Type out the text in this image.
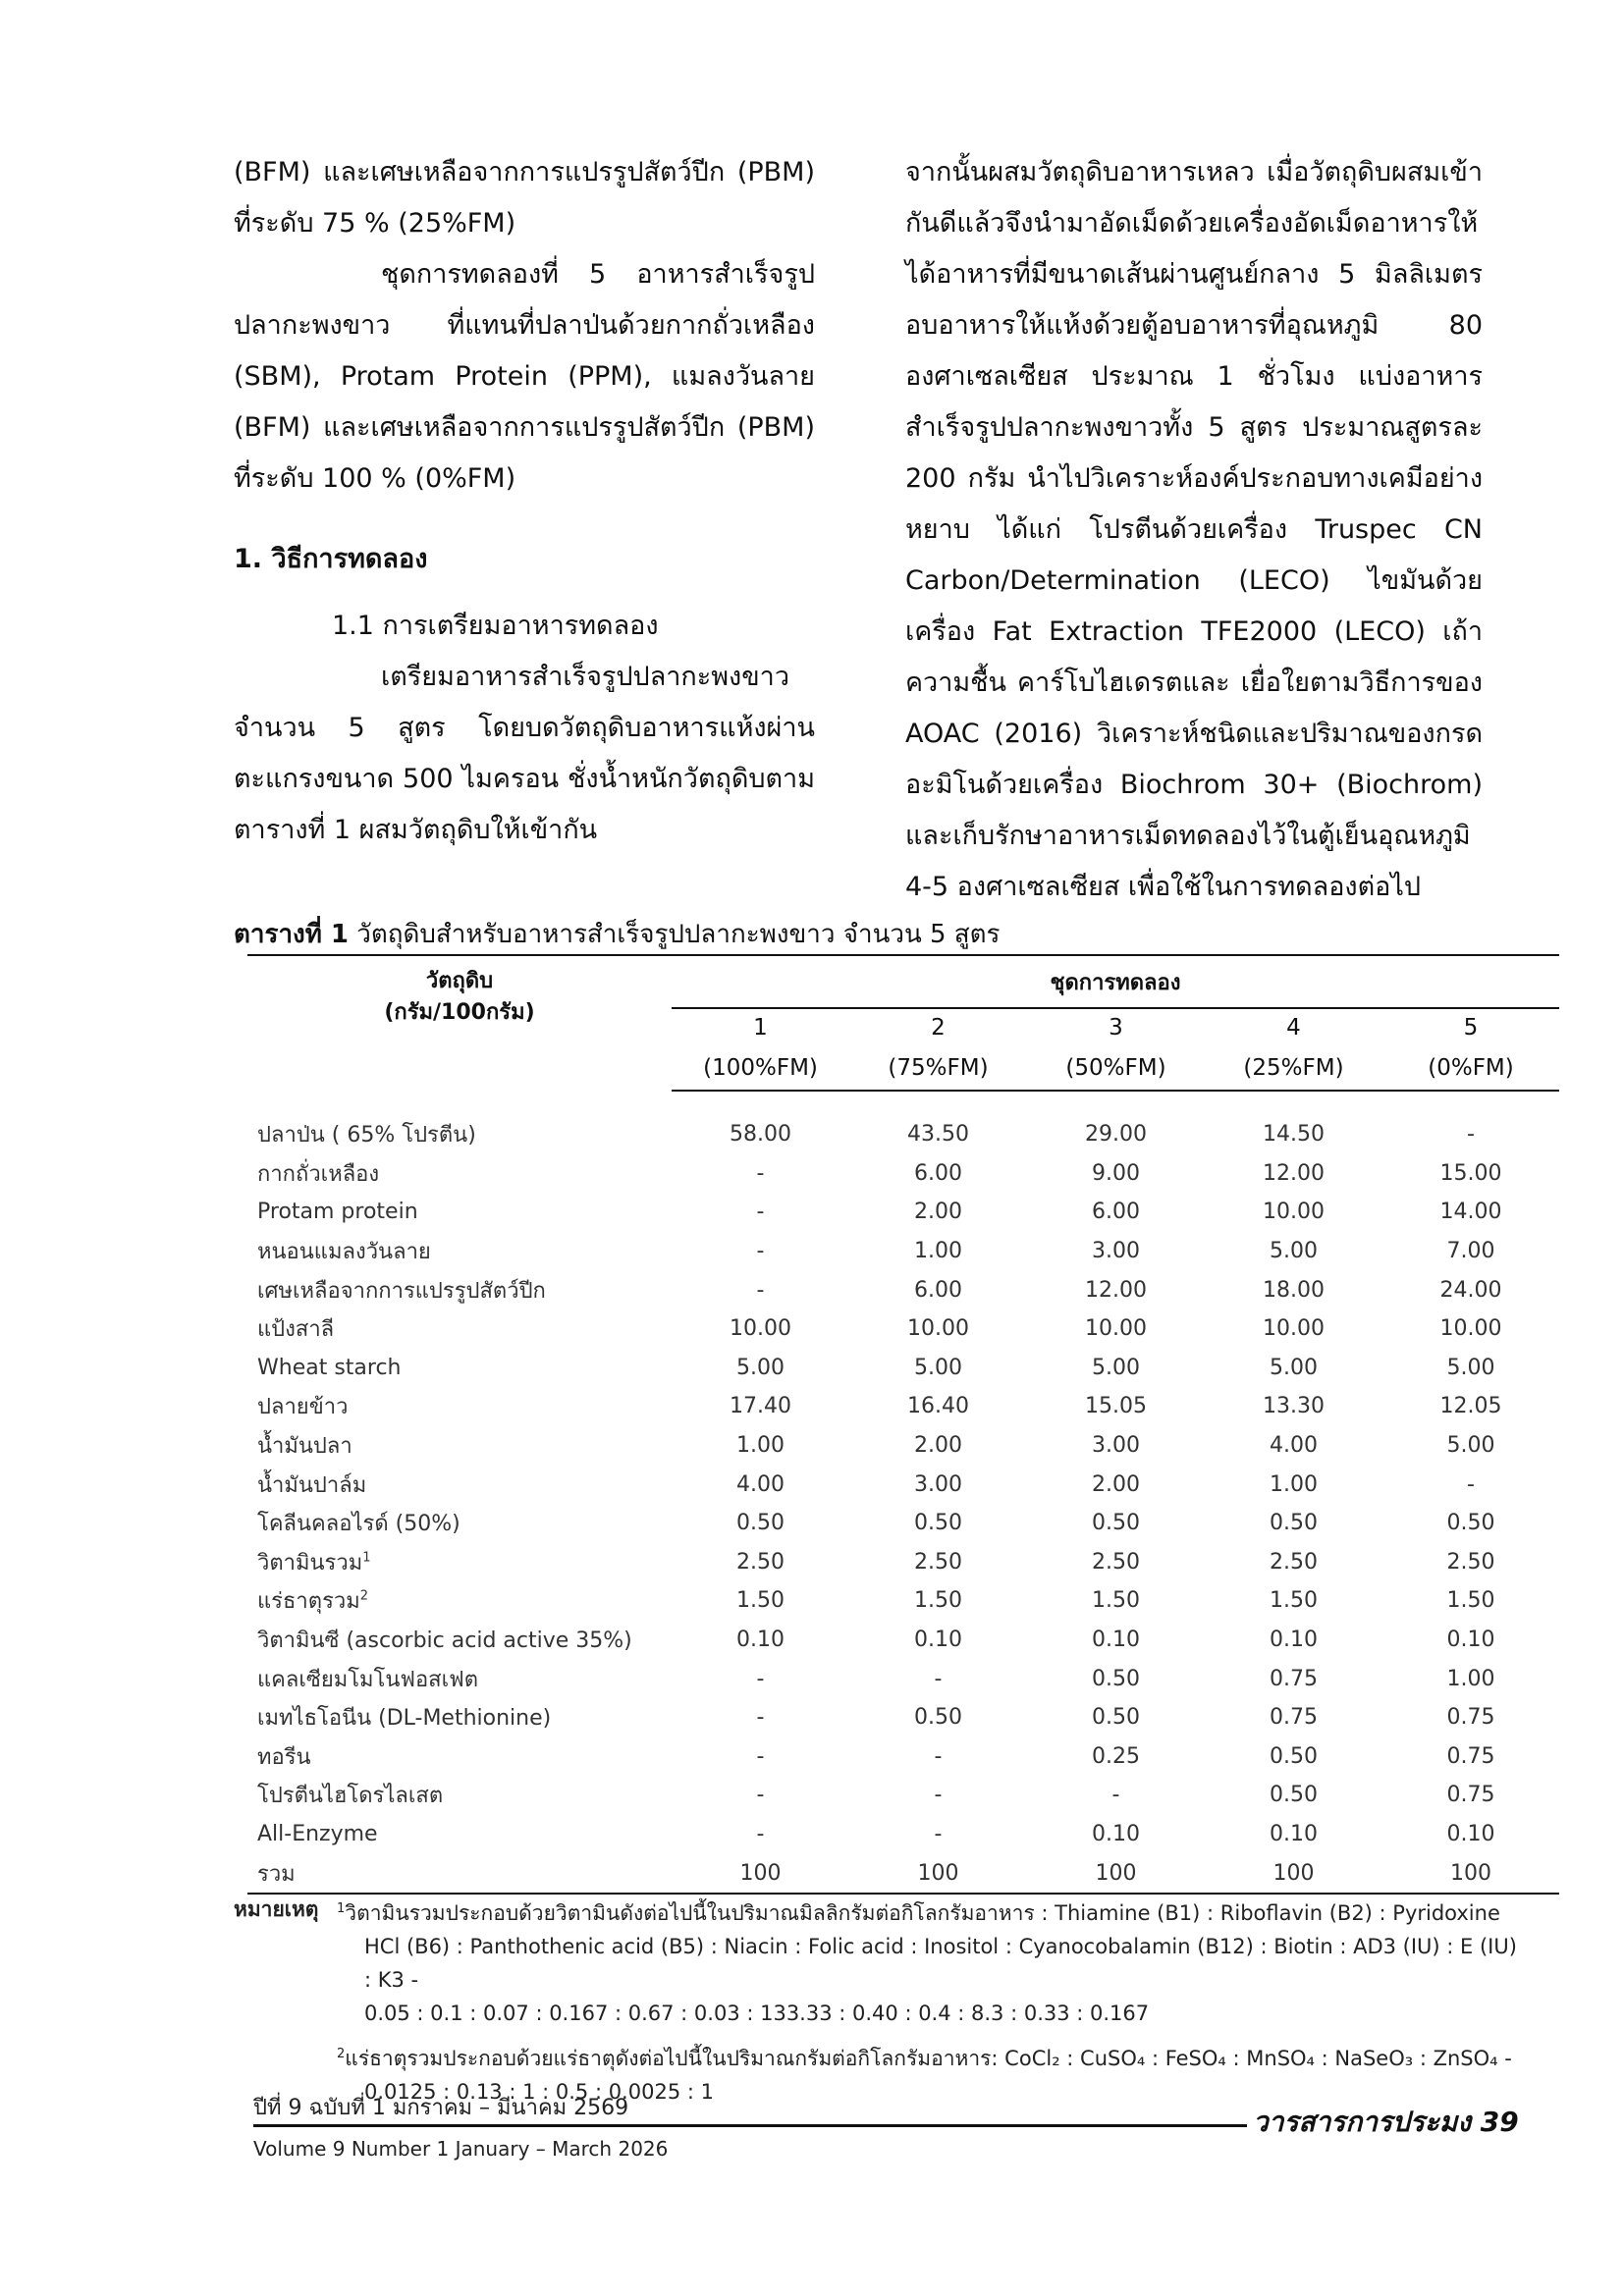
(BFM) และเศษเหลือจากการแปรรูปสัตว์ปีก (PBM) ที่ระดับ 75 % (25%FM)

ชุดการทดลองที่ 5 อาหารสำเร็จรูปปลากะพงขาว ที่แทนที่ปลาป่นด้วยกากถั่วเหลือง (SBM), Protam Protein (PPM), แมลงวันลาย (BFM) และเศษเหลือจากการแปรรูปสัตว์ปีก (PBM) ที่ระดับ 100 % (0%FM)

1. วิธีการทดลอง

1.1 การเตรียมอาหารทดลอง

เตรียมอาหารสำเร็จรูปปลากะพงขาว จำนวน 5 สูตร โดยบดวัตถุดิบอาหารแห้งผ่านตะแกรงขนาด 500 ไมครอน ชั่งน้ำหนักวัตถุดิบตามตารางที่ 1 ผสมวัตถุดิบให้เข้ากัน

จากนั้นผสมวัตถุดิบอาหารเหลว เมื่อวัตถุดิบผสมเข้ากันดีแล้วจึงนำมาอัดเม็ดด้วยเครื่องอัดเม็ดอาหารให้ได้อาหารที่มีขนาดเส้นผ่านศูนย์กลาง 5 มิลลิเมตร อบอาหารให้แห้งด้วยตู้อบอาหารที่อุณหภูมิ 80 องศาเซลเซียส ประมาณ 1 ชั่วโมง แบ่งอาหารสำเร็จรูปปลากะพงขาวทั้ง 5 สูตร ประมาณสูตรละ 200 กรัม นำไปวิเคราะห์องค์ประกอบทางเคมีอย่างหยาบ ได้แก่ โปรตีนด้วยเครื่อง Truspec CN Carbon/Determination (LECO) ไขมันด้วยเครื่อง Fat Extraction TFE2000 (LECO) เถ้า ความชื้น คาร์โบไฮเดรตและ เยื่อใยตามวิธีการของ AOAC (2016) วิเคราะห์ชนิดและปริมาณของกรดอะมิโนด้วยเครื่อง Biochrom 30+ (Biochrom) และเก็บรักษาอาหารเม็ดทดลองไว้ในตู้เย็นอุณหภูมิ 4-5 องศาเซลเซียส เพื่อใช้ในการทดลองต่อไป

ตารางที่ 1 วัตถุดิบสำหรับอาหารสำเร็จรูปปลากะพงขาว จำนวน 5 สูตร
วัตถุดิบ
(กรัม/100กรัม)	ชุดการทดลอง				
	1	2	3	4	5
	(100%FM)	(75%FM)	(50%FM)	(25%FM)	(0%FM)
ปลาป่น ( 65% โปรตีน)	58.00	43.50	29.00	14.50	-
กากถั่วเหลือง	-	6.00	9.00	12.00	15.00
Protam protein	-	2.00	6.00	10.00	14.00
หนอนแมลงวันลาย	-	1.00	3.00	5.00	7.00
เศษเหลือจากการแปรรูปสัตว์ปีก	-	6.00	12.00	18.00	24.00
แป้งสาลี	10.00	10.00	10.00	10.00	10.00
Wheat starch	5.00	5.00	5.00	5.00	5.00
ปลายข้าว	17.40	16.40	15.05	13.30	12.05
น้ำมันปลา	1.00	2.00	3.00	4.00	5.00
น้ำมันปาล์ม	4.00	3.00	2.00	1.00	-
โคลีนคลอไรด์ (50%)	0.50	0.50	0.50	0.50	0.50
วิตามินรวม$^1$	2.50	2.50	2.50	2.50	2.50
แร่ธาตุรวม$^2$	1.50	1.50	1.50	1.50	1.50
วิตามินซี (ascorbic acid active 35%)	0.10	0.10	0.10	0.10	0.10
แคลเซียมโมโนฟอสเฟต	-	-	0.50	0.75	1.00
เมทไธโอนีน (DL-Methionine)	-	0.50	0.50	0.75	0.75
ทอรีน	-	-	0.25	0.50	0.75
โปรตีนไฮโดรไลเสต	-	-	-	0.50	0.75
All-Enzyme	-	-	0.10	0.10	0.10
รวม	100	100	100	100	100
หมายเหตุ	$^1$วิตามินรวมประกอบด้วยวิตามินดังต่อไปนี้ในปริมาณมิลลิกรัมต่อกิโลกรัมอาหาร : Thiamine (B1) : Riboflavin (B2) : Pyridoxine
HCl (B6) : Panthothenic acid (B5) : Niacin : Folic acid : Inositol : Cyanocobalamin (B12) : Biotin : AD3 (IU) : E (IU) : K3 -
0.05 : 0.1 : 0.07 : 0.167 : 0.67 : 0.03 : 133.33 : 0.40 : 0.4 : 8.3 : 0.33 : 0.167

$^2$แร่ธาตุรวมประกอบด้วยแร่ธาตุดังต่อไปนี้ในปริมาณกรัมต่อกิโลกรัมอาหาร: CoCl₂ : CuSO₄ : FeSO₄ : MnSO₄ : NaSeO₃ : ZnSO₄ -
0.0125 : 0.13 : 1 : 0.5 : 0.0025 : 1

ปีที่ 9 ฉบับที่ 1 มกราคม – มีนาคม 2569
Volume 9 Number 1 January – March 2026
วารสารการประมง 39
